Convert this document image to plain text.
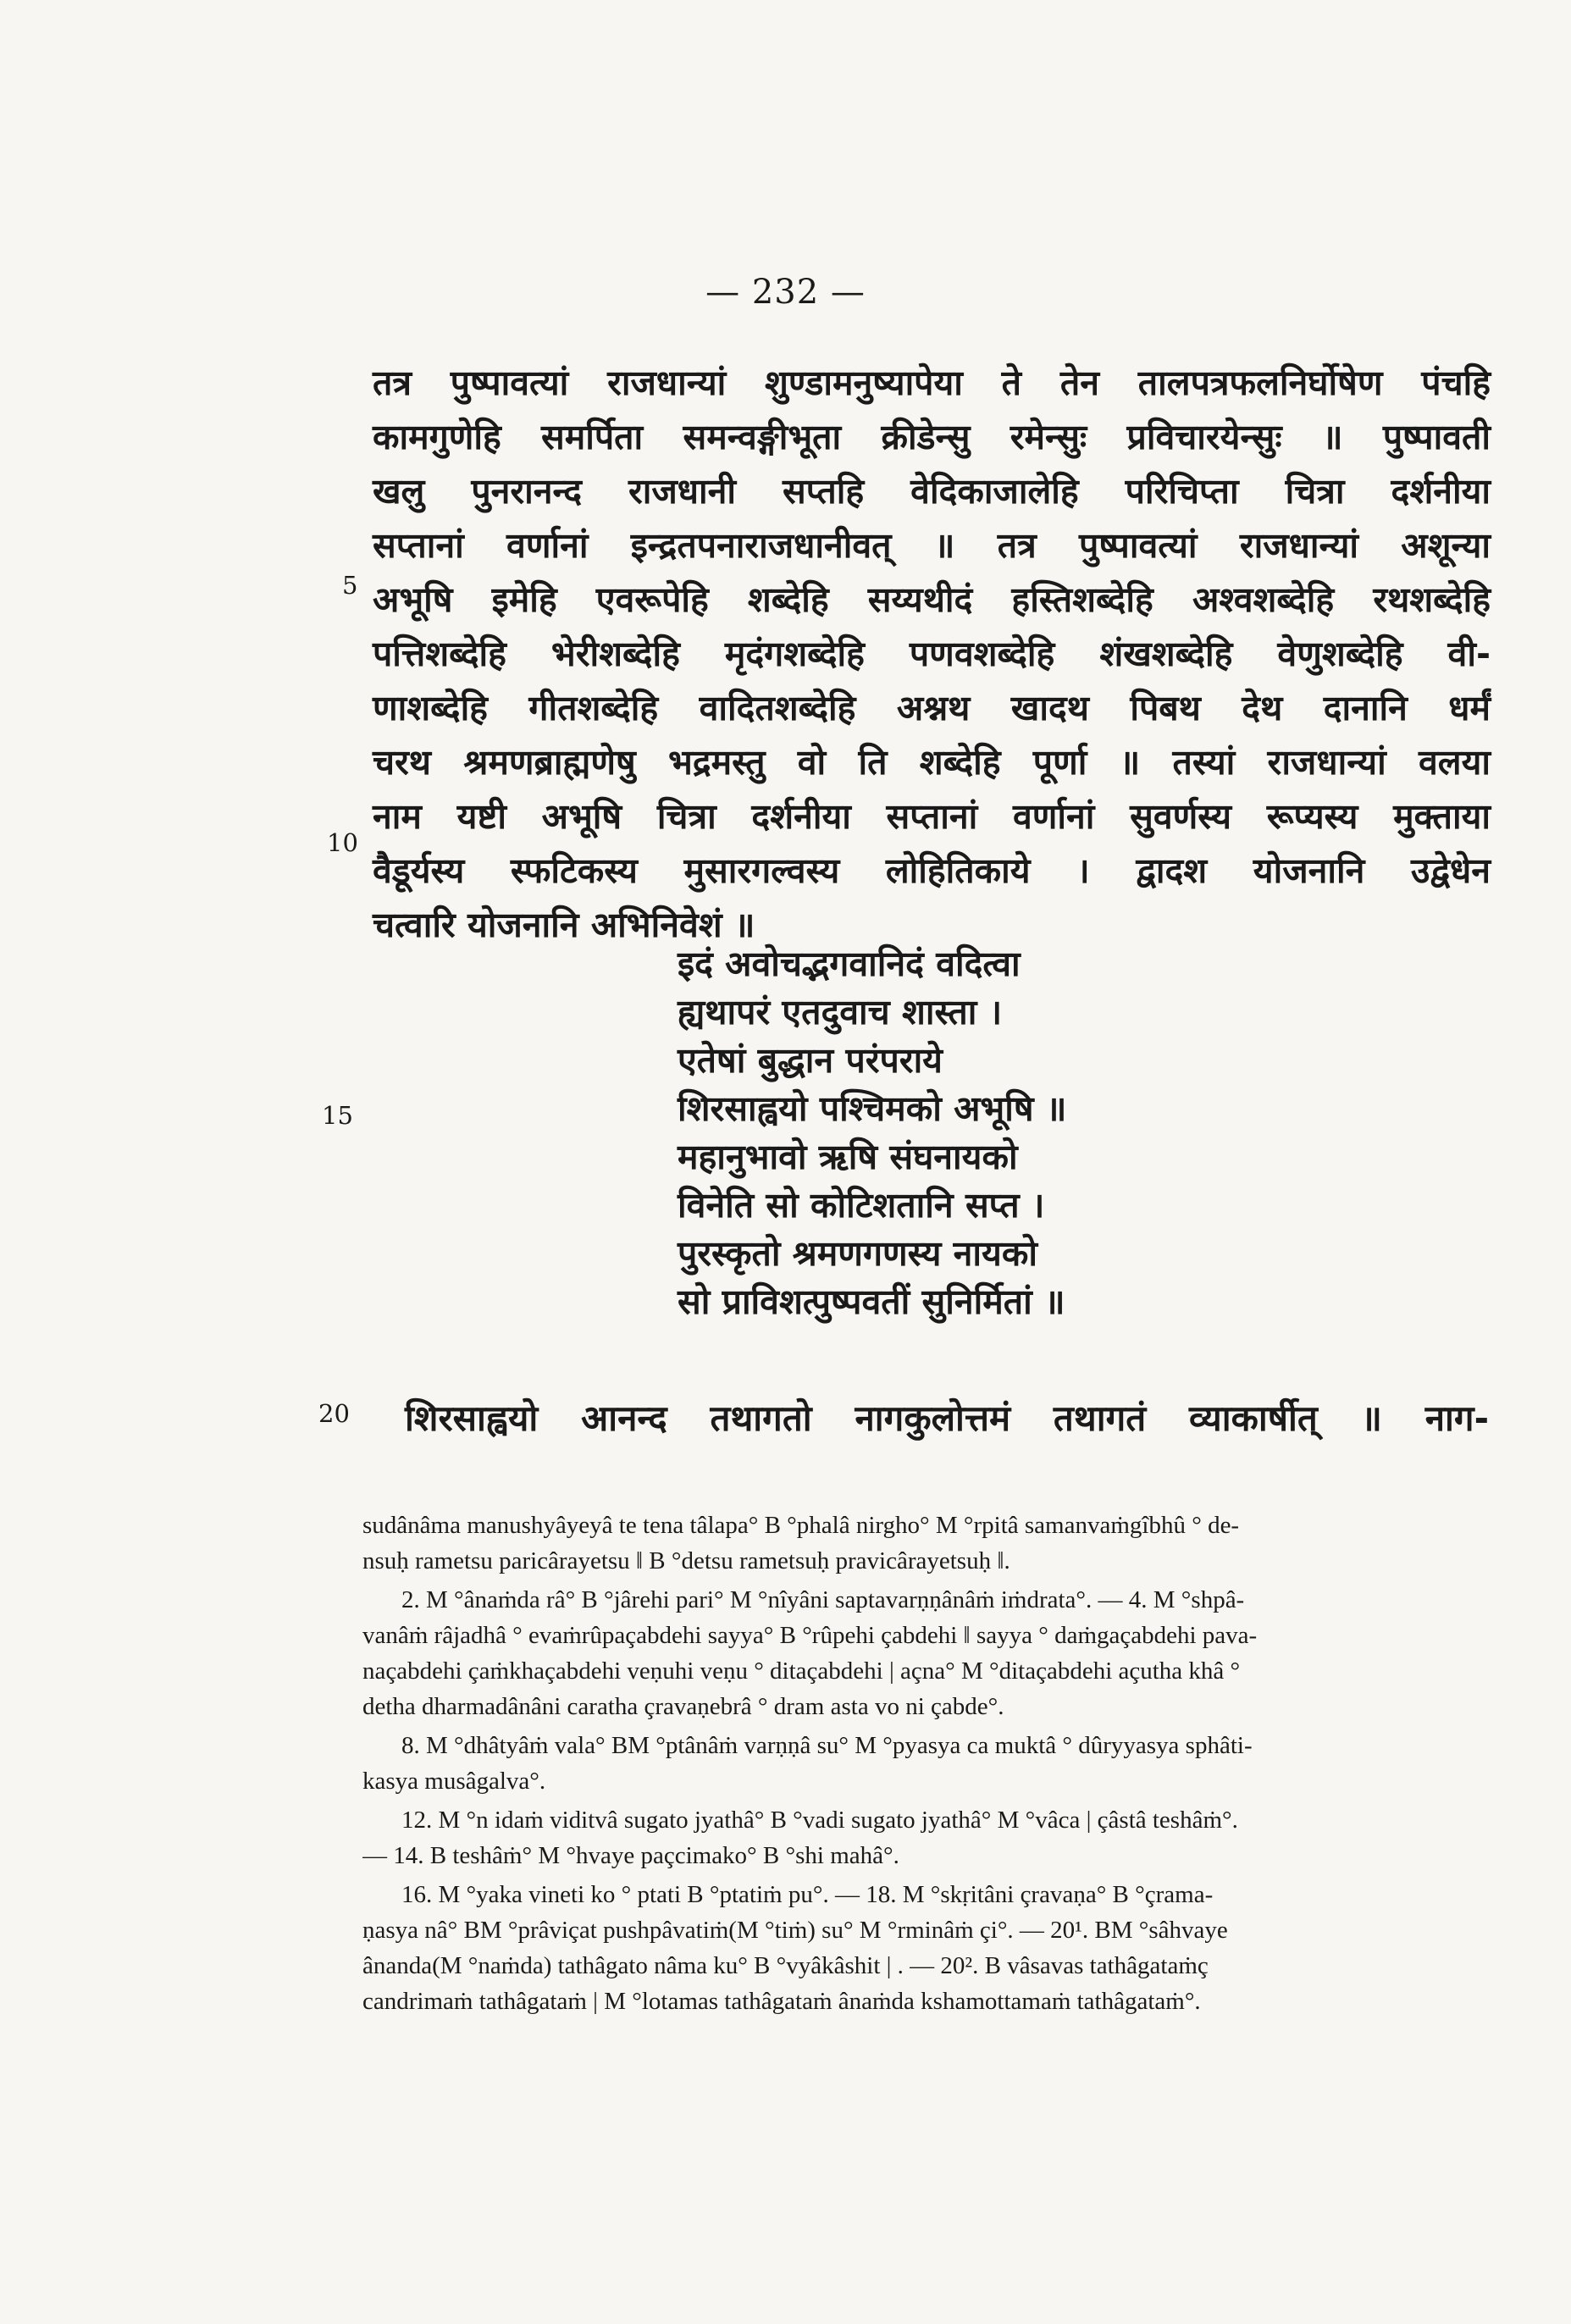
— 232 —
5
10
15
20
तत्र पुष्पावत्यां राजधान्यां शुण्डामनुष्यापेया ते तेन तालपत्रफलनिर्घोषेण पंचहि
कामगुणेहि समर्पिता समन्वङ्गीभूता क्रीडेन्सु रमेन्सुः प्रविचारयेन्सुः ॥ पुष्पावती
खलु पुनरानन्द राजधानी सप्तहि वेदिकाजालेहि परिचिप्ता चित्रा दर्शनीया
सप्तानां वर्णानां इन्द्रतपनाराजधानीवत् ॥ तत्र पुष्पावत्यां राजधान्यां अशून्या
अभूषि इमेहि एवरूपेहि शब्देहि सय्यथीदं हस्तिशब्देहि अश्वशब्देहि रथशब्देहि
पत्तिशब्देहि भेरीशब्देहि मृदंगशब्देहि पणवशब्देहि शंखशब्देहि वेणुशब्देहि वी-
णाशब्देहि गीतशब्देहि वादितशब्देहि अश्नथ खादथ पिबथ देथ दानानि धर्मं
चरथ श्रमणब्राह्मणेषु भद्रमस्तु वो ति शब्देहि पूर्णा ॥ तस्यां राजधान्यां वलया
नाम यष्टी अभूषि चित्रा दर्शनीया सप्तानां वर्णानां सुवर्णस्य रूप्यस्य मुक्ताया
वैडूर्यस्य स्फटिकस्य मुसारगल्वस्य लोहितिकाये । द्वादश योजनानि उद्वेधेन
चत्वारि योजनानि अभिनिवेशं ॥
इदं अवोचद्भगवानिदं वदित्वा
ह्यथापरं एतदुवाच शास्ता ।
एतेषां बुद्धान परंपराये
शिरसाह्वयो पश्चिमको अभूषि ॥
महानुभावो ऋषि संघनायको
विनेति सो कोटिशतानि सप्त ।
पुरस्कृतो श्रमणगणस्य नायको
सो प्राविशत्पुष्पवतीं सुनिर्मितां ॥
शिरसाह्वयो आनन्द तथागतो नागकुलोत्तमं तथागतं व्याकार्षीत् ॥ नाग-
sudânâma manushyâyeyâ te tena tâlapa° B °phalâ nirgho° M °rpitâ samanvaṁgîbhû ° de-
nsuḥ rametsu paricârayetsu ‖ B °detsu rametsuḥ pravicârayetsuḥ ‖.
2. M °ânaṁda râ° B °jârehi pari° M °nîyâni saptavarṇṇânâṁ iṁdrata°. — 4. M °shpâ-
vanâṁ râjadhâ ° evaṁrûpaçabdehi sayya° B °rûpehi çabdehi ‖ sayya ° daṁgaçabdehi pava-
naçabdehi çaṁkhaçabdehi veṇuhi veṇu ° ditaçabdehi | açna° M °ditaçabdehi açutha khâ °
detha dharmadânâni caratha çravaṇebrâ ° dram asta vo ni çabde°.
8. M °dhâtyâṁ vala° BM °ptânâṁ varṇṇâ su° M °pyasya ca muktâ ° dûryyasya sphâti-
kasya musâgalva°.
12. M °n idaṁ viditvâ sugato jyathâ° B °vadi sugato jyathâ° M °vâca | çâstâ teshâṁ°.
— 14. B teshâṁ° M °hvaye paçcimako° B °shi mahâ°.
16. M °yaka vineti ko ° ptati B °ptatiṁ pu°. — 18. M °skṛitâni çravaṇa° B °çrama-
ṇasya nâ° BM °prâviçat pushpâvatiṁ(M °tiṁ) su° M °rminâṁ çi°. — 20¹. BM °sâhvaye
ânanda(M °naṁda) tathâgato nâma ku° B °vyâkâshit | . — 20². B vâsavas tathâgataṁç
candrimaṁ tathâgataṁ | M °lotamas tathâgataṁ ânaṁda kshamottamaṁ tathâgataṁ°.
